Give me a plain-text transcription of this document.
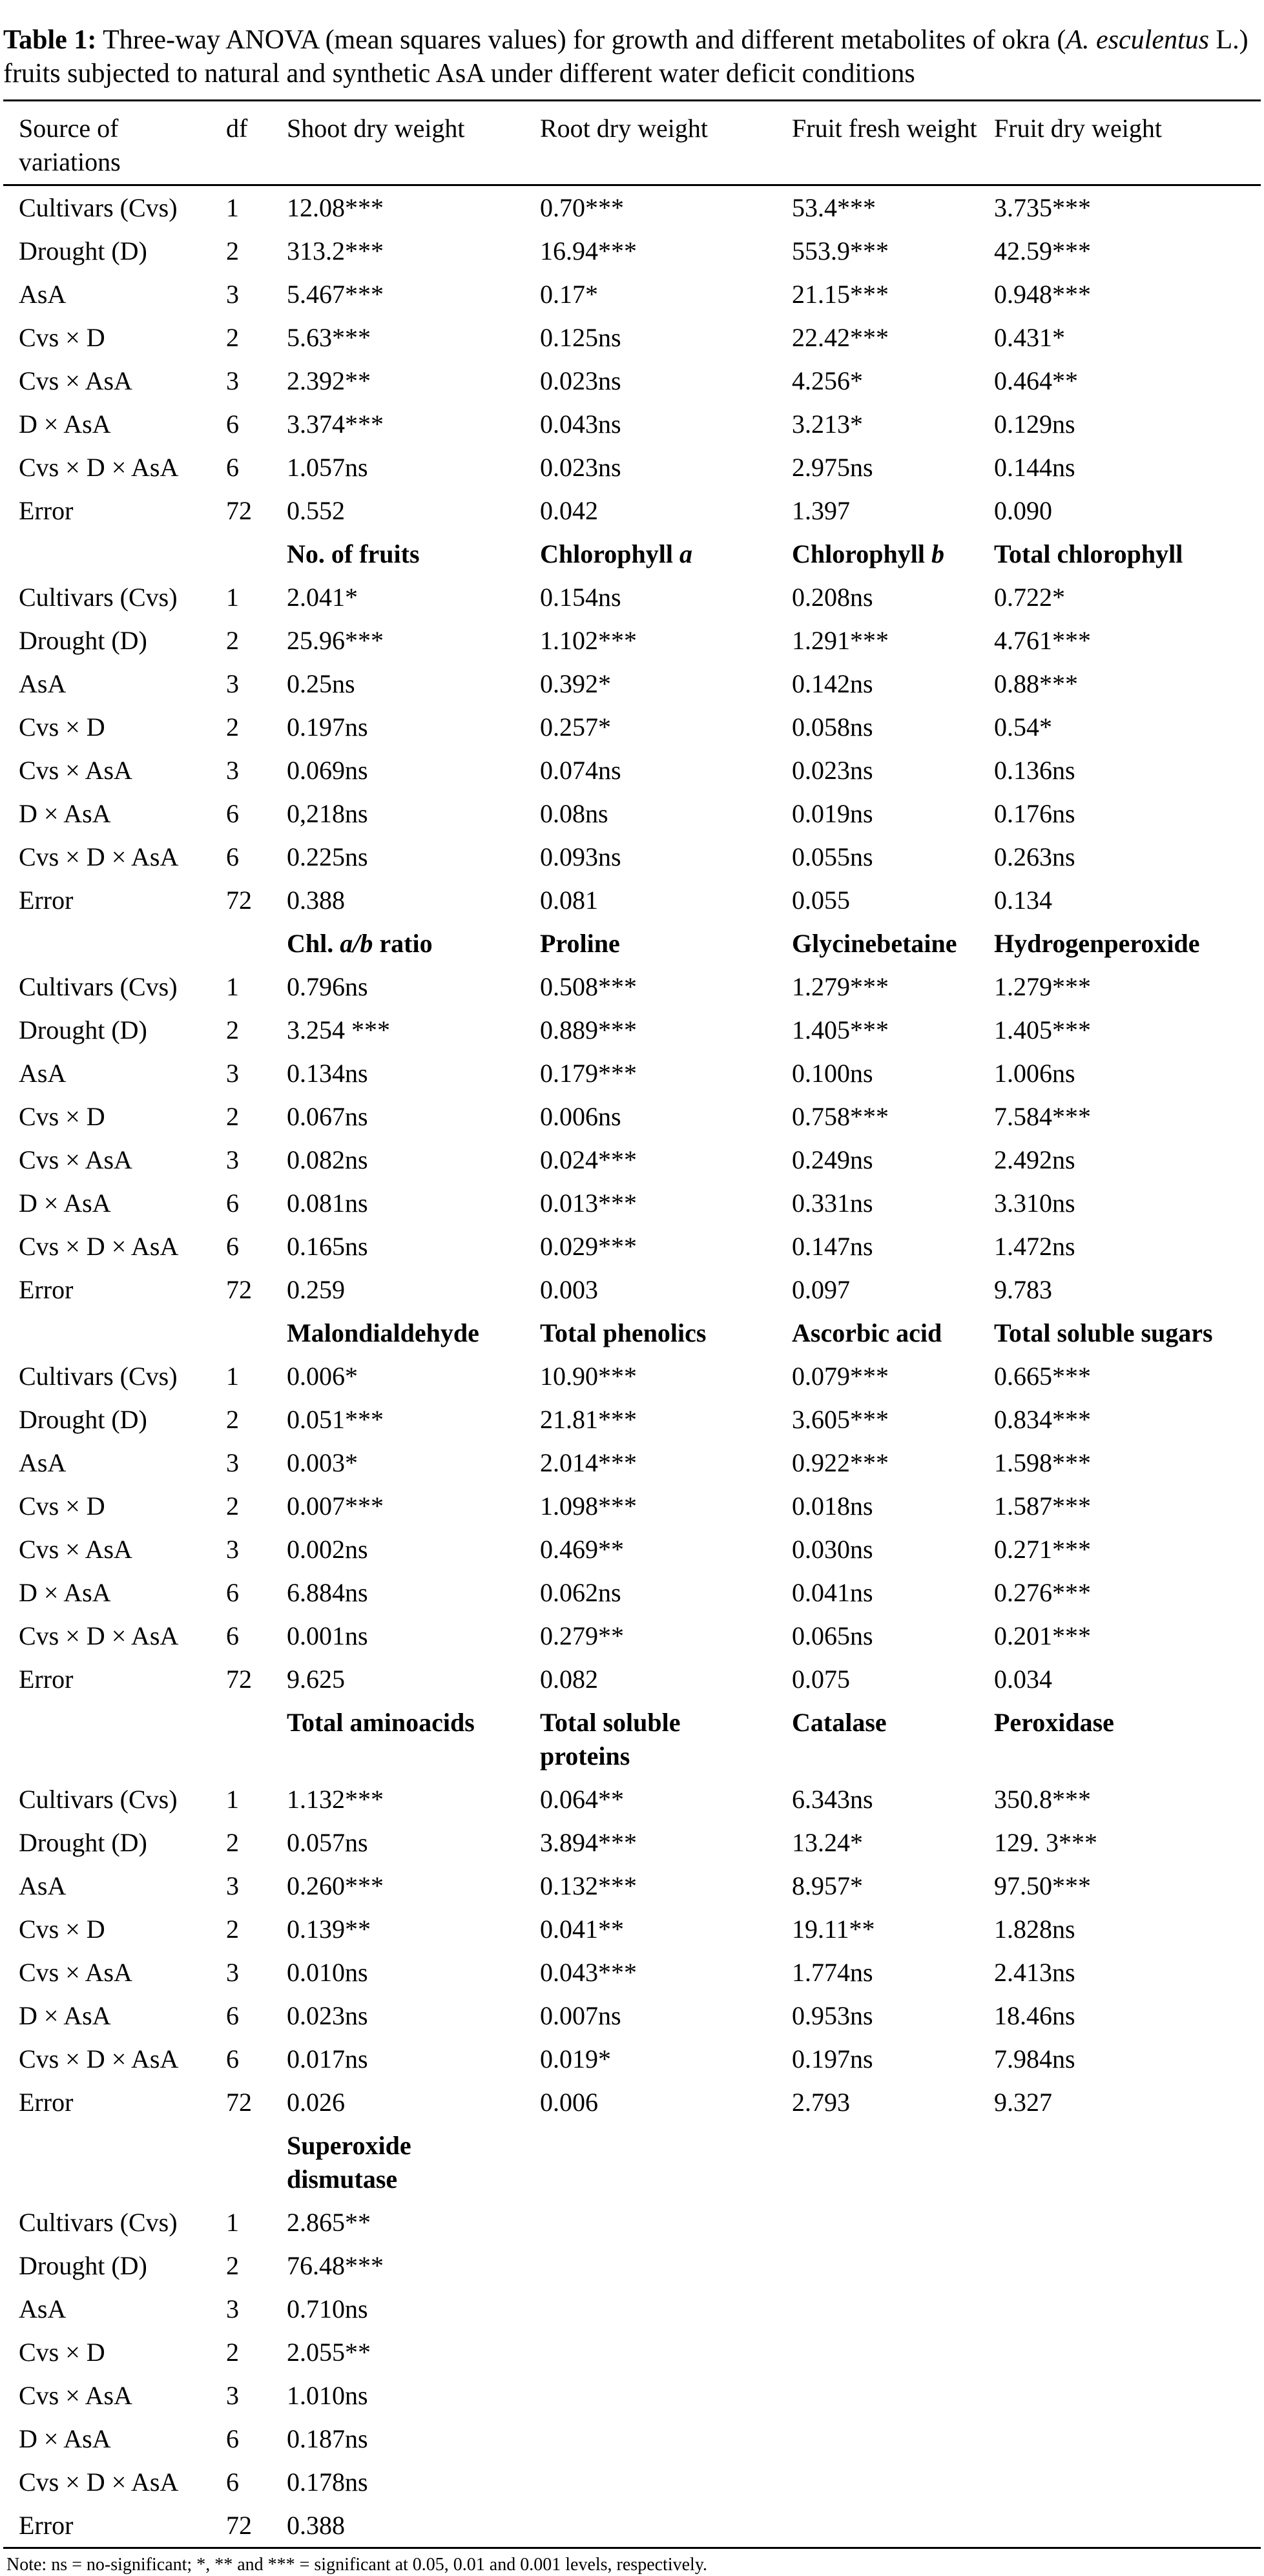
Table 1: Three-way ANOVA (mean squares values) for growth and different metabolites of okra (A. esculentus L.) fruits subjected to natural and synthetic AsA under different water deficit conditions

Source of variations	df	Shoot dry weight	Root dry weight	Fruit fresh weight	Fruit dry weight
Cultivars (Cvs)	1	12.08***	0.70***	53.4***	3.735***
Drought (D)	2	313.2***	16.94***	553.9***	42.59***
AsA	3	5.467***	0.17*	21.15***	0.948***
Cvs × D	2	5.63***	0.125ns	22.42***	0.431*
Cvs × AsA	3	2.392**	0.023ns	4.256*	0.464**
D × AsA	6	3.374***	0.043ns	3.213*	0.129ns
Cvs × D × AsA	6	1.057ns	0.023ns	2.975ns	0.144ns
Error	72	0.552	0.042	1.397	0.090
		No. of fruits	Chlorophyll a	Chlorophyll b	Total chlorophyll
Cultivars (Cvs)	1	2.041*	0.154ns	0.208ns	0.722*
Drought (D)	2	25.96***	1.102***	1.291***	4.761***
AsA	3	0.25ns	0.392*	0.142ns	0.88***
Cvs × D	2	0.197ns	0.257*	0.058ns	0.54*
Cvs × AsA	3	0.069ns	0.074ns	0.023ns	0.136ns
D × AsA	6	0,218ns	0.08ns	0.019ns	0.176ns
Cvs × D × AsA	6	0.225ns	0.093ns	0.055ns	0.263ns
Error	72	0.388	0.081	0.055	0.134
		Chl. a/b ratio	Proline	Glycinebetaine	Hydrogenperoxide
Cultivars (Cvs)	1	0.796ns	0.508***	1.279***	1.279***
Drought (D)	2	3.254 ***	0.889***	1.405***	1.405***
AsA	3	0.134ns	0.179***	0.100ns	1.006ns
Cvs × D	2	0.067ns	0.006ns	0.758***	7.584***
Cvs × AsA	3	0.082ns	0.024***	0.249ns	2.492ns
D × AsA	6	0.081ns	0.013***	0.331ns	3.310ns
Cvs × D × AsA	6	0.165ns	0.029***	0.147ns	1.472ns
Error	72	0.259	0.003	0.097	9.783
		Malondialdehyde	Total phenolics	Ascorbic acid	Total soluble sugars
Cultivars (Cvs)	1	0.006*	10.90***	0.079***	0.665***
Drought (D)	2	0.051***	21.81***	3.605***	0.834***
AsA	3	0.003*	2.014***	0.922***	1.598***
Cvs × D	2	0.007***	1.098***	0.018ns	1.587***
Cvs × AsA	3	0.002ns	0.469**	0.030ns	0.271***
D × AsA	6	6.884ns	0.062ns	0.041ns	0.276***
Cvs × D × AsA	6	0.001ns	0.279**	0.065ns	0.201***
Error	72	9.625	0.082	0.075	0.034
		Total aminoacids	Total soluble proteins	Catalase	Peroxidase
Cultivars (Cvs)	1	1.132***	0.064**	6.343ns	350.8***
Drought (D)	2	0.057ns	3.894***	13.24*	129. 3***
AsA	3	0.260***	0.132***	8.957*	97.50***
Cvs × D	2	0.139**	0.041**	19.11**	1.828ns
Cvs × AsA	3	0.010ns	0.043***	1.774ns	2.413ns
D × AsA	6	0.023ns	0.007ns	0.953ns	18.46ns
Cvs × D × AsA	6	0.017ns	0.019*	0.197ns	7.984ns
Error	72	0.026	0.006	2.793	9.327
		Superoxide dismutase			
Cultivars (Cvs)	1	2.865**			
Drought (D)	2	76.48***			
AsA	3	0.710ns			
Cvs × D	2	2.055**			
Cvs × AsA	3	1.010ns			
D × AsA	6	0.187ns			
Cvs × D × AsA	6	0.178ns			
Error	72	0.388			
Note: ns = no-significant; *, ** and *** = significant at 0.05, 0.01 and 0.001 levels, respectively.
